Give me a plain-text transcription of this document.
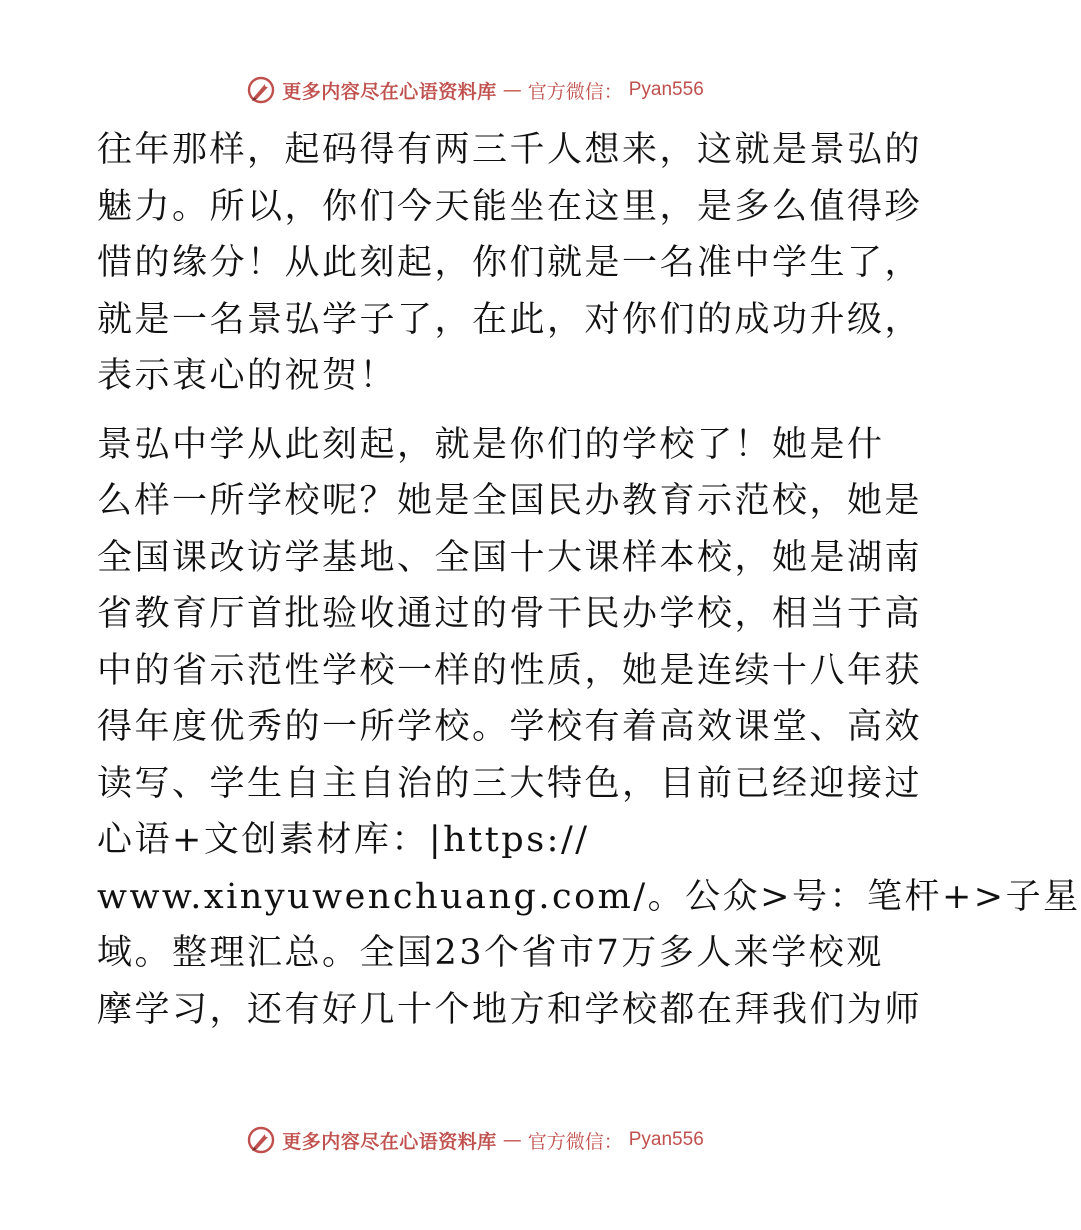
更多内容尽在心语资料库 — 官方微信： Pyan556
往年那样，起码得有两三千人想来，这就是景弘的
魅力。所以，你们今天能坐在这里，是多么值得珍
惜的缘分！从此刻起，你们就是一名准中学生了，
就是一名景弘学子了，在此，对你们的成功升级，
表示衷心的祝贺！
景弘中学从此刻起，就是你们的学校了！她是什
么样一所学校呢？她是全国民办教育示范校，她是
全国课改访学基地、全国十大课样本校，她是湖南
省教育厅首批验收通过的骨干民办学校，相当于高
中的省示范性学校一样的性质，她是连续十八年获
得年度优秀的一所学校。学校有着高效课堂、高效
读写、学生自主自治的三大特色，目前已经迎接过
心语+文创素材库：|https://
www.xinyuwenchuang.com/。公众>号：笔杆+>子星
域。整理汇总。全国23个省市7万多人来学校观
摩学习，还有好几十个地方和学校都在拜我们为师
更多内容尽在心语资料库 — 官方微信： Pyan556
